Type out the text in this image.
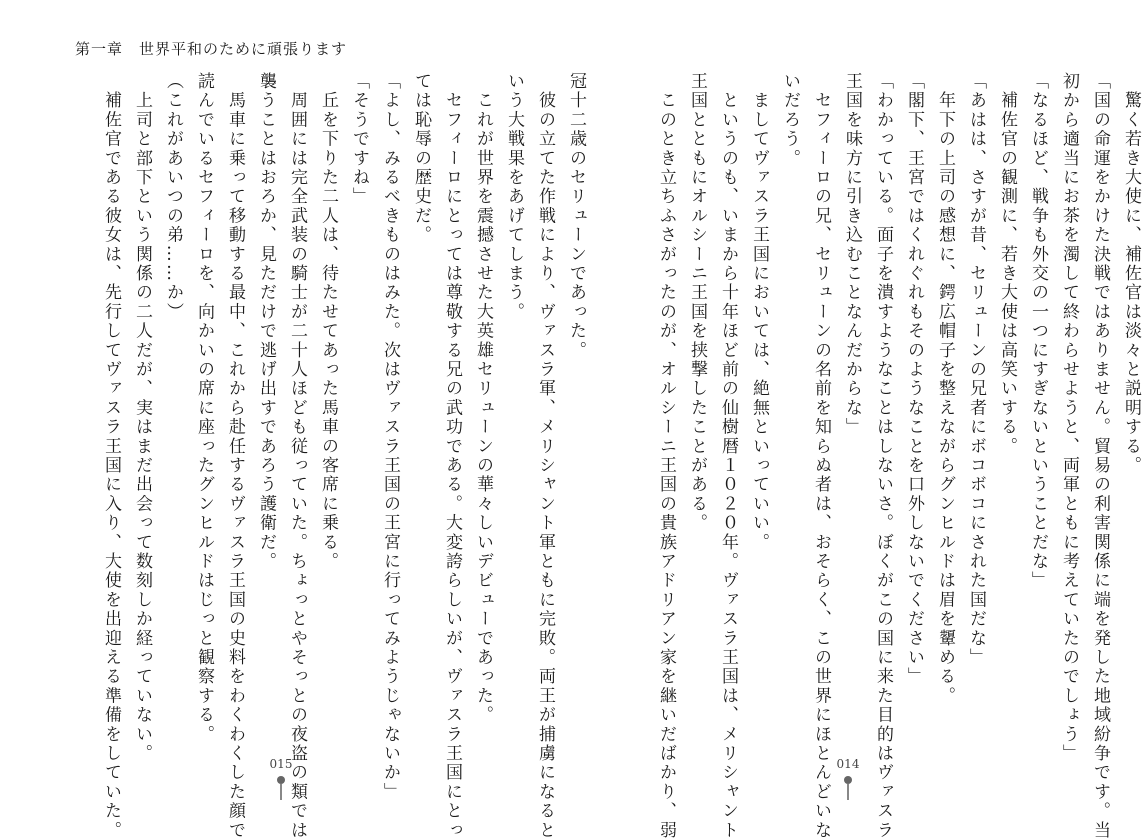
第一章　世界平和のために頑張ります

　驚く若き大使に、補佐官は淡々と説明する。

「国の命運をかけた決戦ではありません。貿易の利害関係に端を発した地域紛争です。当

初から適当にお茶を濁して終わらせようと、両軍ともに考えていたのでしょう」

「なるほど、戦争も外交の一つにすぎないということだな」

　補佐官の観測に、若き大使は高笑いする。

「あはは、さすが昔、セリューンの兄者にボコボコにされた国だな」

　年下の上司の感想に、鍔広帽子を整えながらグンヒルドは眉を顰める。

「閣下、王宮ではくれぐれもそのようなことを口外しないでください」

「わかっている。面子を潰すようなことはしないさ。ぼくがこの国に来た目的はヴァスラ

王国を味方に引き込むことなんだからな」

　セフィーロの兄、セリューンの名前を知らぬ者は、おそらく、この世界にほとんどいな

いだろう。

　ましてヴァスラ王国においては、絶無といっていい。

　というのも、いまから十年ほど前の仙樹暦１０２０年。ヴァスラ王国は、メリシャント

王国とともにオルシーニ王国を挟撃したことがある。

　このとき立ちふさがったのが、オルシーニ王国の貴族アドリアン家を継いだばかり、弱

冠十二歳のセリューンであった。

　彼の立てた作戦により、ヴァスラ軍、メリシャント軍ともに完敗。両王が捕虜になると

いう大戦果をあげてしまう。

　これが世界を震撼させた大英雄セリューンの華々しいデビューであった。

　セフィーロにとっては尊敬する兄の武功である。大変誇らしいが、ヴァスラ王国にとっ

ては恥辱の歴史だ。

「よし、みるべきものはみた。次はヴァスラ王国の王宮に行ってみようじゃないか」

「そうですね」

　丘を下りた二人は、待たせてあった馬車の客席に乗る。

　周囲には完全武装の騎士が二十人ほども従っていた。ちょっとやそっとの夜盗の類では

襲うことはおろか、見ただけで逃げ出すであろう護衛だ。

　馬車に乗って移動する最中、これから赴任するヴァスラ王国の史料をわくわくした顔で

読んでいるセフィーロを、向かいの席に座ったグンヒルドはじっと観察する。

（これがあいつの弟……か）

　上司と部下という関係の二人だが、実はまだ出会って数刻しか経っていない。

　補佐官である彼女は、先行してヴァスラ王国に入り、大使を出迎える準備をしていた。	015	014
